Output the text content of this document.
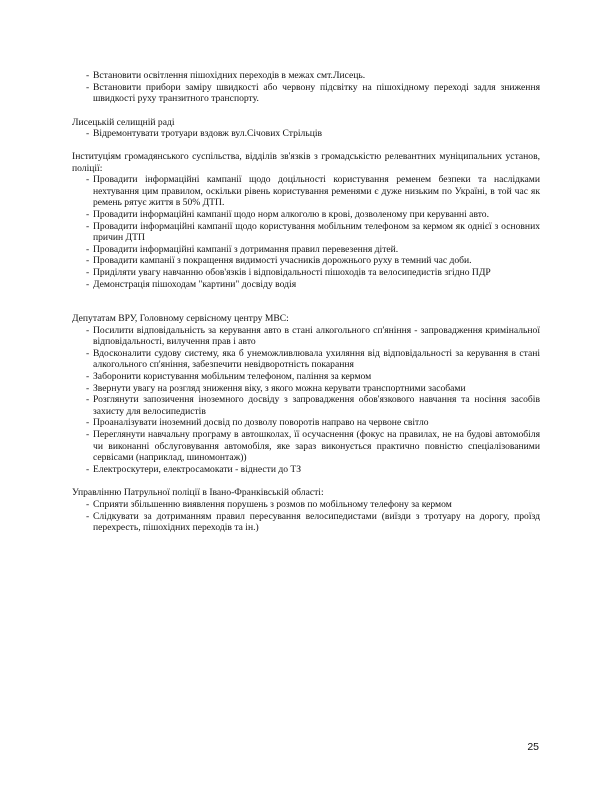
- Встановити освітлення пішохідних переходів в межах смт.Лисець.
- Встановити прибори заміру швидкості або червону підсвітку на пішохідному переході задля зниження швидкості руху транзитного транспорту.

Лисецькій селищній раді

- Відремонтувати тротуари вздовж вул.Січових Стрільців

Інституціям громадянського суспільства, відділів зв'язків з громадськістю релевантних муніципальних установ, поліції:

- Провадити інформаційні кампанії щодо доцільності користування ременем безпеки та наслідками нехтування цим правилом, оскільки рівень користування ременями є дуже низьким по Україні, в той час як ремень рятує життя в 50% ДТП.
- Провадити інформаційні кампанії щодо норм алкоголю в крові, дозволеному при керуванні авто.
- Провадити інформаційні кампанії щодо користування мобільним телефоном за кермом як однієї з основних причин ДТП
- Провадити інформаційні кампанії з дотримання правил перевезення дітей.
- Провадити кампанії з покращення видимості учасників дорожнього руху в темний час доби.
- Приділяти увагу навчанню обов'язків і відповідальності пішоходів та велосипедистів згідно ПДР
- Демонстрація пішоходам "картини" досвіду водія

Депутатам ВРУ, Головному сервісному центру МВС:

- Посилити відповідальність за керування авто в стані алкогольного сп'яніння - запровадження кримінальної відповідальності, вилучення прав і авто
- Вдосконалити судову систему, яка б унеможливлювала ухиляння від відповідальності за керування в стані алкогольного сп'яніння, забезпечити невідворотність покарання
- Заборонити користування мобільним телефоном, паління за кермом
- Звернути увагу на розгляд зниження віку, з якого можна керувати транспортними засобами
- Розглянути запозичення іноземного досвіду з запровадження обов'язкового навчання та носіння засобів захисту для велосипедистів
- Проаналізувати іноземний досвід по дозволу поворотів направо на червоне світло
- Переглянути навчальну програму в автошколах, її осучаснення (фокус на правилах, не на будові автомобіля чи виконанні обслуговування автомобіля, яке зараз виконується практично повністю спеціалізованими сервісами (наприклад, шиномонтаж))
- Електроскутери, електросамокати - віднести до ТЗ

Управлінню Патрульної поліції в Івано-Франківській області:

- Сприяти збільшенню виявлення порушень з розмов по мобільному телефону за кермом
- Слідкувати за дотриманням правил пересування велосипедистами (виїзди з тротуару на дорогу, проїзд перехресть, пішохідних переходів та ін.)
25
